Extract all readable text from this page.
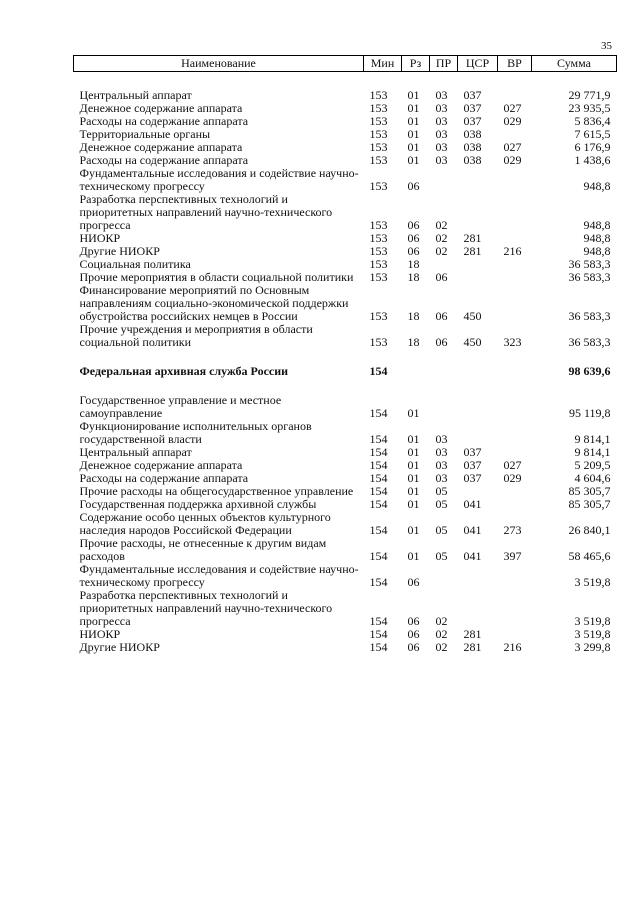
35
Наименование	Мин	Рз	ПР	ЦСР	ВР	Сумма
Центральный аппарат	153	01	03	037		29 771,9
Денежное содержание аппарата	153	01	03	037	027	23 935,5
Расходы на содержание аппарата	153	01	03	037	029	5 836,4
Территориальные органы	153	01	03	038		7 615,5
Денежное содержание аппарата	153	01	03	038	027	6 176,9
Расходы на содержание аппарата	153	01	03	038	029	1 438,6
Фундаментальные исследования и содействие научно-техническому прогрессу	153	06				948,8
Разработка перспективных технологий и приоритетных направлений научно-технического прогресса	153	06	02			948,8
НИОКР	153	06	02	281		948,8
Другие НИОКР	153	06	02	281	216	948,8
Социальная политика	153	18				36 583,3
Прочие мероприятия в области социальной политики	153	18	06			36 583,3
Финансирование мероприятий по Основным направлениям социально-экономической поддержки обустройства российских немцев в России	153	18	06	450		36 583,3
Прочие учреждения и мероприятия в области социальной политики	153	18	06	450	323	36 583,3

Федеральная архивная служба России	154					98 639,6

Государственное управление и местное самоуправление	154	01				95 119,8
Функционирование исполнительных органов государственной власти	154	01	03			9 814,1
Центральный аппарат	154	01	03	037		9 814,1
Денежное содержание аппарата	154	01	03	037	027	5 209,5
Расходы на содержание аппарата	154	01	03	037	029	4 604,6
Прочие расходы на общегосударственное управление	154	01	05			85 305,7
Государственная поддержка архивной службы	154	01	05	041		85 305,7
Содержание особо ценных объектов культурного наследия народов Российской Федерации	154	01	05	041	273	26 840,1
Прочие расходы, не отнесенные к другим видам расходов	154	01	05	041	397	58 465,6
Фундаментальные исследования и содействие научно-техническому прогрессу	154	06				3 519,8
Разработка перспективных технологий и приоритетных направлений научно-технического прогресса	154	06	02			3 519,8
НИОКР	154	06	02	281		3 519,8
Другие НИОКР	154	06	02	281	216	3 299,8
